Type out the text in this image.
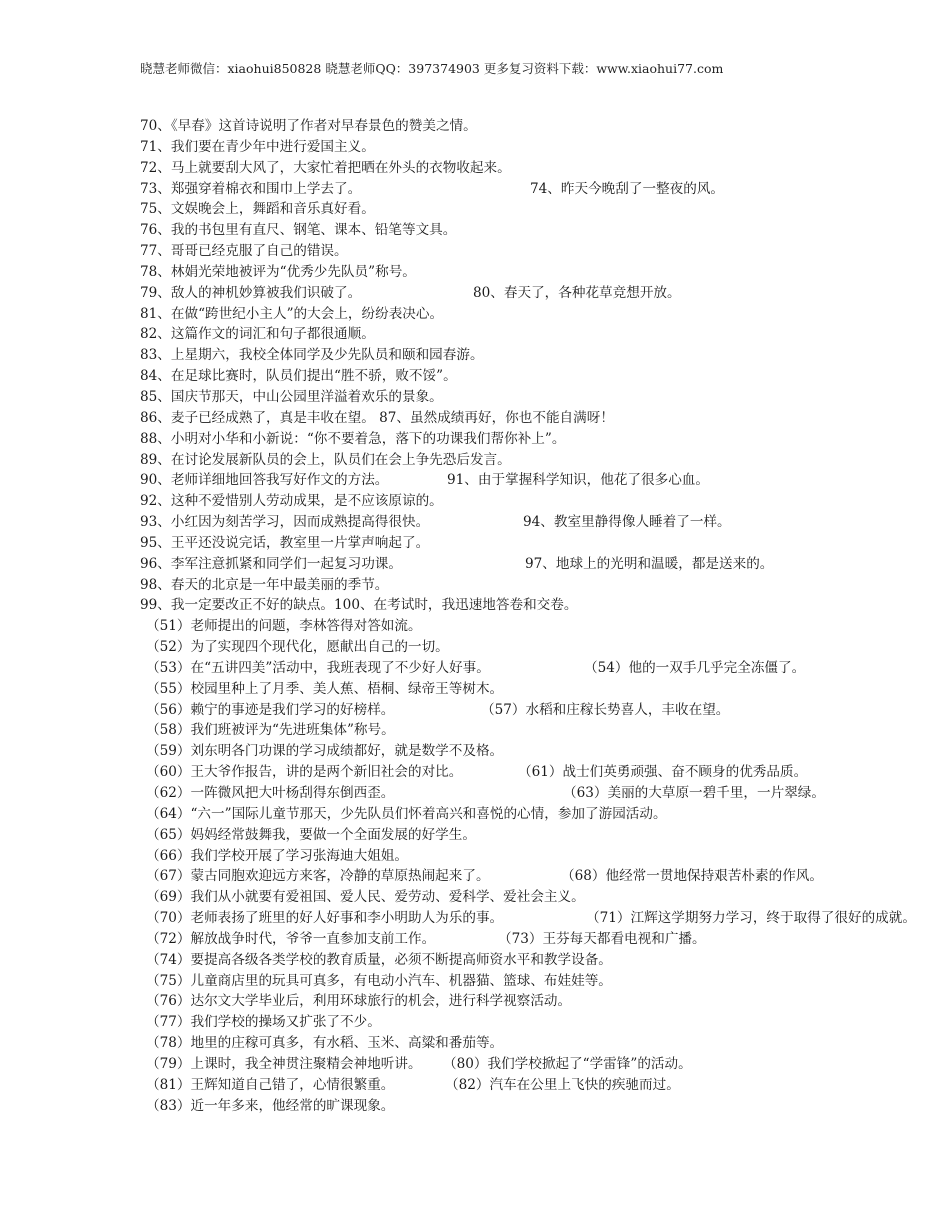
晓慧老师微信：xiaohui850828 晓慧老师QQ：397374903 更多复习资料下载：www.xiaohui77.com
70、《早春》这首诗说明了作者对早春景色的赞美之情。
71、我们要在青少年中进行爱国主义。
72、马上就要刮大风了，大家忙着把晒在外头的衣物收起来。
73、郑强穿着棉衣和围巾上学去了。	74、昨天今晚刮了一整夜的风。
75、文娱晚会上，舞蹈和音乐真好看。
76、我的书包里有直尺、钢笔、课本、铅笔等文具。
77、哥哥已经克服了自己的错误。
78、林娟光荣地被评为“优秀少先队员”称号。
79、敌人的神机妙算被我们识破了。	80、春天了，各种花草竞想开放。
81、在做“跨世纪小主人”的大会上，纷纷表决心。
82、这篇作文的词汇和句子都很通顺。
83、上星期六，我校全体同学及少先队员和颐和园春游。
84、在足球比赛时，队员们提出“胜不骄，败不馁”。
85、国庆节那天，中山公园里洋溢着欢乐的景象。
86、麦子已经成熟了，真是丰收在望。 87、虽然成绩再好，你也不能自满呀！
88、小明对小华和小新说：“你不要着急，落下的功课我们帮你补上”。
89、在讨论发展新队员的会上，队员们在会上争先恐后发言。
90、老师详细地回答我写好作文的方法。	91、由于掌握科学知识，他花了很多心血。
92、这种不爱惜别人劳动成果，是不应该原谅的。
93、小红因为刻苦学习，因而成熟提高得很快。	94、教室里静得像人睡着了一样。
95、王平还没说完话，教室里一片掌声响起了。
96、李军注意抓紧和同学们一起复习功课。	97、地球上的光明和温暖，都是送来的。
98、春天的北京是一年中最美丽的季节。
99、我一定要改正不好的缺点。100、在考试时，我迅速地答卷和交卷。
（51）老师提出的问题，李林答得对答如流。
（52）为了实现四个现代化，愿献出自己的一切。
（53）在“五讲四美”活动中，我班表现了不少好人好事。	（54）他的一双手几乎完全冻僵了。
（55）校园里种上了月季、美人蕉、梧桐、绿帝王等树木。
（56）赖宁的事迹是我们学习的好榜样。	（57）水稻和庄稼长势喜人，丰收在望。
（58）我们班被评为“先进班集体”称号。
（59）刘东明各门功课的学习成绩都好，就是数学不及格。
（60）王大爷作报告，讲的是两个新旧社会的对比。	（61）战士们英勇顽强、奋不顾身的优秀品质。
（62）一阵微风把大叶杨刮得东倒西歪。	（63）美丽的大草原一碧千里，一片翠绿。
（64）“六一”国际儿童节那天，少先队员们怀着高兴和喜悦的心情，参加了游园活动。
（65）妈妈经常鼓舞我，要做一个全面发展的好学生。
（66）我们学校开展了学习张海迪大姐姐。
（67）蒙古同胞欢迎远方来客，冷静的草原热闹起来了。	（68）他经常一贯地保持艰苦朴素的作风。
（69）我们从小就要有爱祖国、爱人民、爱劳动、爱科学、爱社会主义。
（70）老师表扬了班里的好人好事和李小明助人为乐的事。	（71）江辉这学期努力学习，终于取得了很好的成就。
（72）解放战争时代，爷爷一直参加支前工作。	（73）王芬每天都看电视和广播。
（74）要提高各级各类学校的教育质量，必须不断提高师资水平和教学设备。
（75）儿童商店里的玩具可真多，有电动小汽车、机器猫、篮球、布娃娃等。
（76）达尔文大学毕业后，利用环球旅行的机会，进行科学视察活动。
（77）我们学校的操场又扩张了不少。
（78）地里的庄稼可真多，有水稻、玉米、高粱和番茄等。
（79）上课时，我全神贯注聚精会神地听讲。 （80）我们学校掀起了“学雷锋”的活动。
（81）王辉知道自己错了，心情很繁重。	（82）汽车在公里上飞快的疾驰而过。
（83）近一年多来，他经常的旷课现象。
